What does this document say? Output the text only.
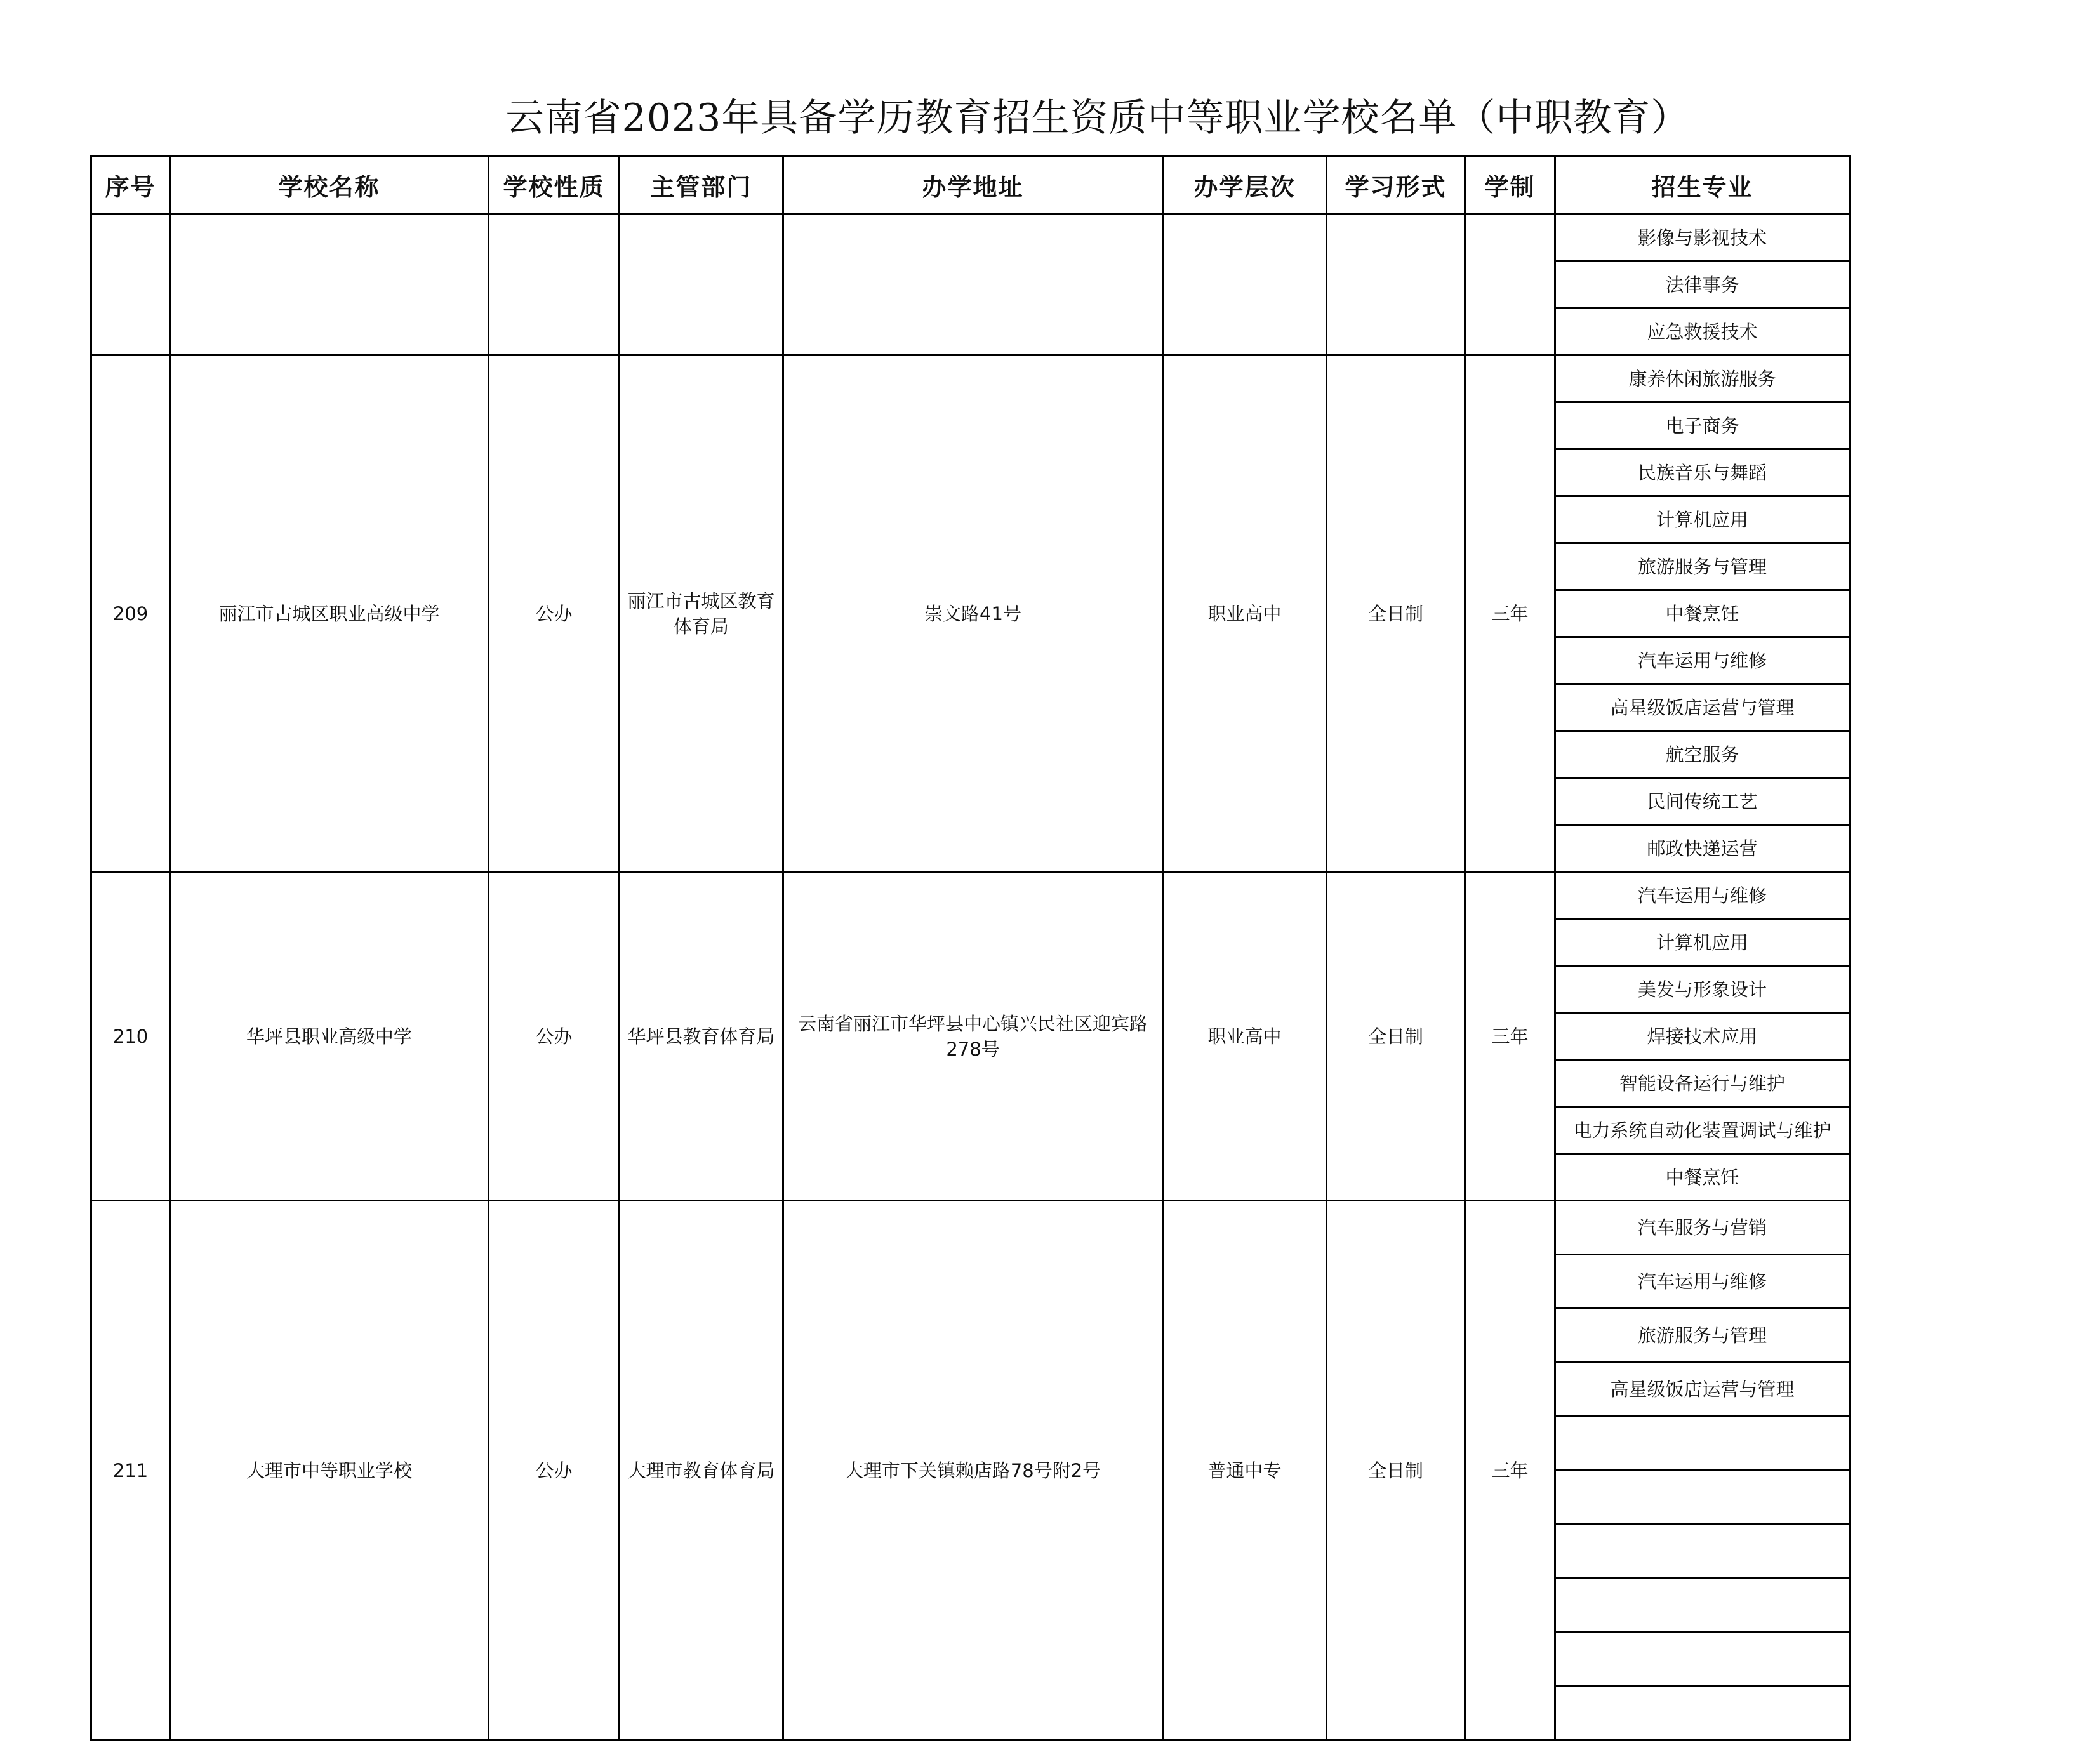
云南省2023年具备学历教育招生资质中等职业学校名单（中职教育）
序号	学校名称	学校性质	主管部门	办学地址	办学层次	学习形式	学制	招生专业
								影像与影视技术
								法律事务
								应急救援技术
209	丽江市古城区职业高级中学	公办	丽江市古城区教育体育局	崇文路41号	职业高中	全日制	三年	康养休闲旅游服务
								电子商务
								民族音乐与舞蹈
								计算机应用
								旅游服务与管理
								中餐烹饪
								汽车运用与维修
								高星级饭店运营与管理
								航空服务
								民间传统工艺
								邮政快递运营
210	华坪县职业高级中学	公办	华坪县教育体育局	云南省丽江市华坪县中心镇兴民社区迎宾路278号	职业高中	全日制	三年	汽车运用与维修
								计算机应用
								美发与形象设计
								焊接技术应用
								智能设备运行与维护
								电力系统自动化装置调试与维护
								中餐烹饪
211	大理市中等职业学校	公办	大理市教育体育局	大理市下关镇赖店路78号附2号	普通中专	全日制	三年	汽车服务与营销
								汽车运用与维修
								旅游服务与管理
								高星级饭店运营与管理
